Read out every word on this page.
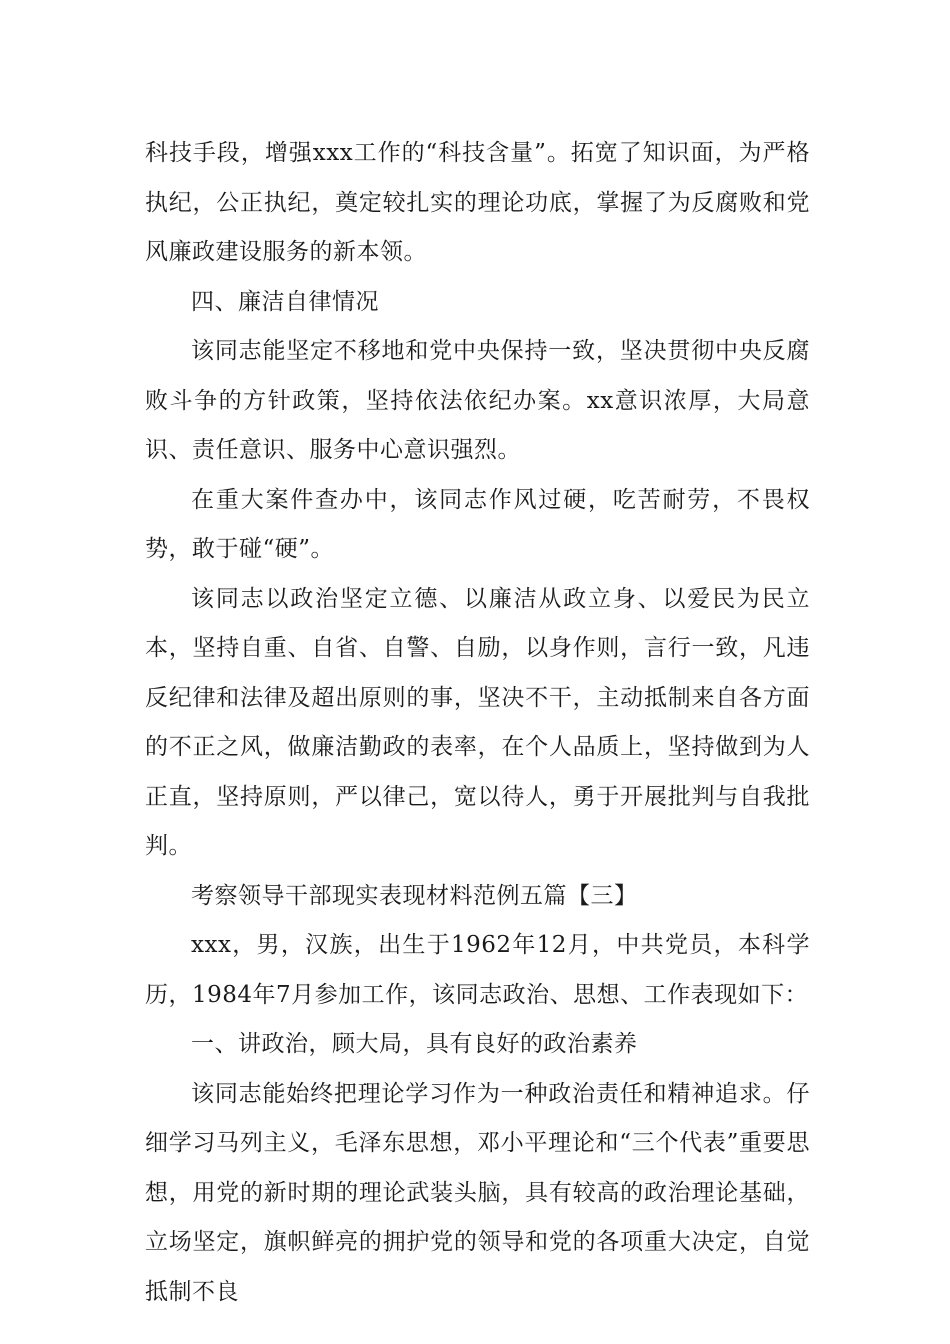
科技手段，增强xxx工作的“科技含量”。拓宽了知识面，为严格执纪，公正执纪，奠定较扎实的理论功底，掌握了为反腐败和党风廉政建设服务的新本领。

四、廉洁自律情况

该同志能坚定不移地和党中央保持一致，坚决贯彻中央反腐败斗争的方针政策，坚持依法依纪办案。xx意识浓厚，大局意识、责任意识、服务中心意识强烈。

在重大案件查办中，该同志作风过硬，吃苦耐劳，不畏权势，敢于碰“硬”。

该同志以政治坚定立德、以廉洁从政立身、以爱民为民立本，坚持自重、自省、自警、自励，以身作则，言行一致，凡违反纪律和法律及超出原则的事，坚决不干，主动抵制来自各方面的不正之风，做廉洁勤政的表率，在个人品质上，坚持做到为人正直，坚持原则，严以律己，宽以待人，勇于开展批判与自我批判。

考察领导干部现实表现材料范例五篇【三】

xxx，男，汉族，出生于1962年12月，中共党员，本科学历，1984年7月参加工作，该同志政治、思想、工作表现如下：

一、讲政治，顾大局，具有良好的政治素养

该同志能始终把理论学习作为一种政治责任和精神追求。仔细学习马列主义，毛泽东思想，邓小平理论和“三个代表”重要思想，用党的新时期的理论武装头脑，具有较高的政治理论基础，立场坚定，旗帜鲜亮的拥护党的领导和党的各项重大决定，自觉抵制不良
